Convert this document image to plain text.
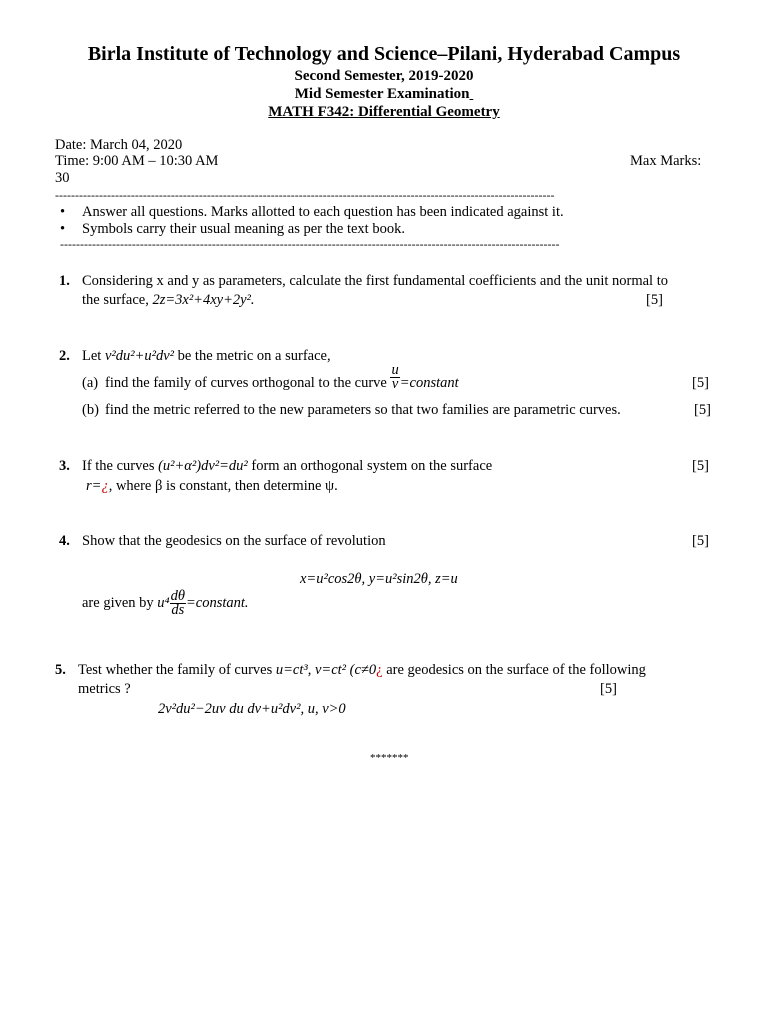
Birla Institute of Technology and Science–Pilani, Hyderabad Campus
Second Semester, 2019-2020
Mid Semester Examination
MATH F342: Differential Geometry
Date: March 04, 2020
Time: 9:00 AM – 10:30 AM	Max Marks:
30
-----------------------------------------------------------------------------------------------------------------------------
• Answer all questions. Marks allotted to each question has been indicated against it.
• Symbols carry their usual meaning as per the text book.
-----------------------------------------------------------------------------------------------------------------------------
1. Considering x and y as parameters, calculate the first fundamental coefficients and the unit normal to
the surface, 2z=3x²+4xy+2y².	[5]
2. Let v²du²+u²dv² be the metric on a surface,
(a) find the family of curves orthogonal to the curve $\frac{u}{v}$ =constant	[5]
(b) find the metric referred to the new parameters so that two families are parametric curves.	[5]
3. If the curves (u²+α²)dv²=du² form an orthogonal system on the surface	[5]
r=¿, where β is constant, then determine ψ.
4. Show that the geodesics on the surface of revolution	[5]
x=u²cos2θ, y=u²sin2θ, z=u
are given by $u^4 \frac{d\theta}{ds}$ =constant.
5. Test whether the family of curves u=ct³, v=ct² (c≠0¿ are geodesics on the surface of the following
metrics ?	[5]
2v²du²−2uv du dv+u²dv², u, v>0
*******
